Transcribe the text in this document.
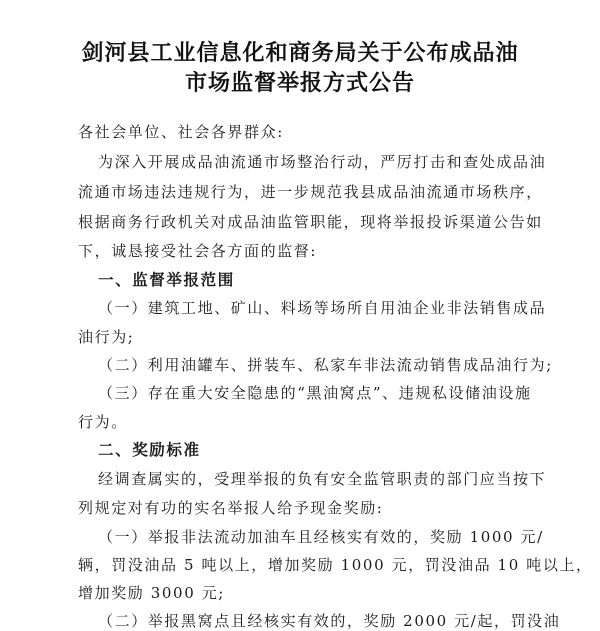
剑河县工业信息化和商务局关于公布成品油
市场监督举报方式公告
各社会单位、社会各界群众:
为深入开展成品油流通市场整治行动，严厉打击和查处成品油
流通市场违法违规行为，进一步规范我县成品油流通市场秩序，
根据商务行政机关对成品油监管职能，现将举报投诉渠道公告如
下，诚恳接受社会各方面的监督:
一、监督举报范围
（一）建筑工地、矿山、料场等场所自用油企业非法销售成品
油行为;
（二）利用油罐车、拼装车、私家车非法流动销售成品油行为;
（三）存在重大安全隐患的“黑油窝点”、违规私设储油设施
行为。
二、奖励标准
经调查属实的，受理举报的负有安全监管职责的部门应当按下
列规定对有功的实名举报人给予现金奖励:
（一）举报非法流动加油车且经核实有效的，奖励 1000 元/
辆，罚没油品 5 吨以上，增加奖励 1000 元，罚没油品 10 吨以上，
增加奖励 3000 元;
（二）举报黑窝点且经核实有效的，奖励 2000 元/起，罚没油
